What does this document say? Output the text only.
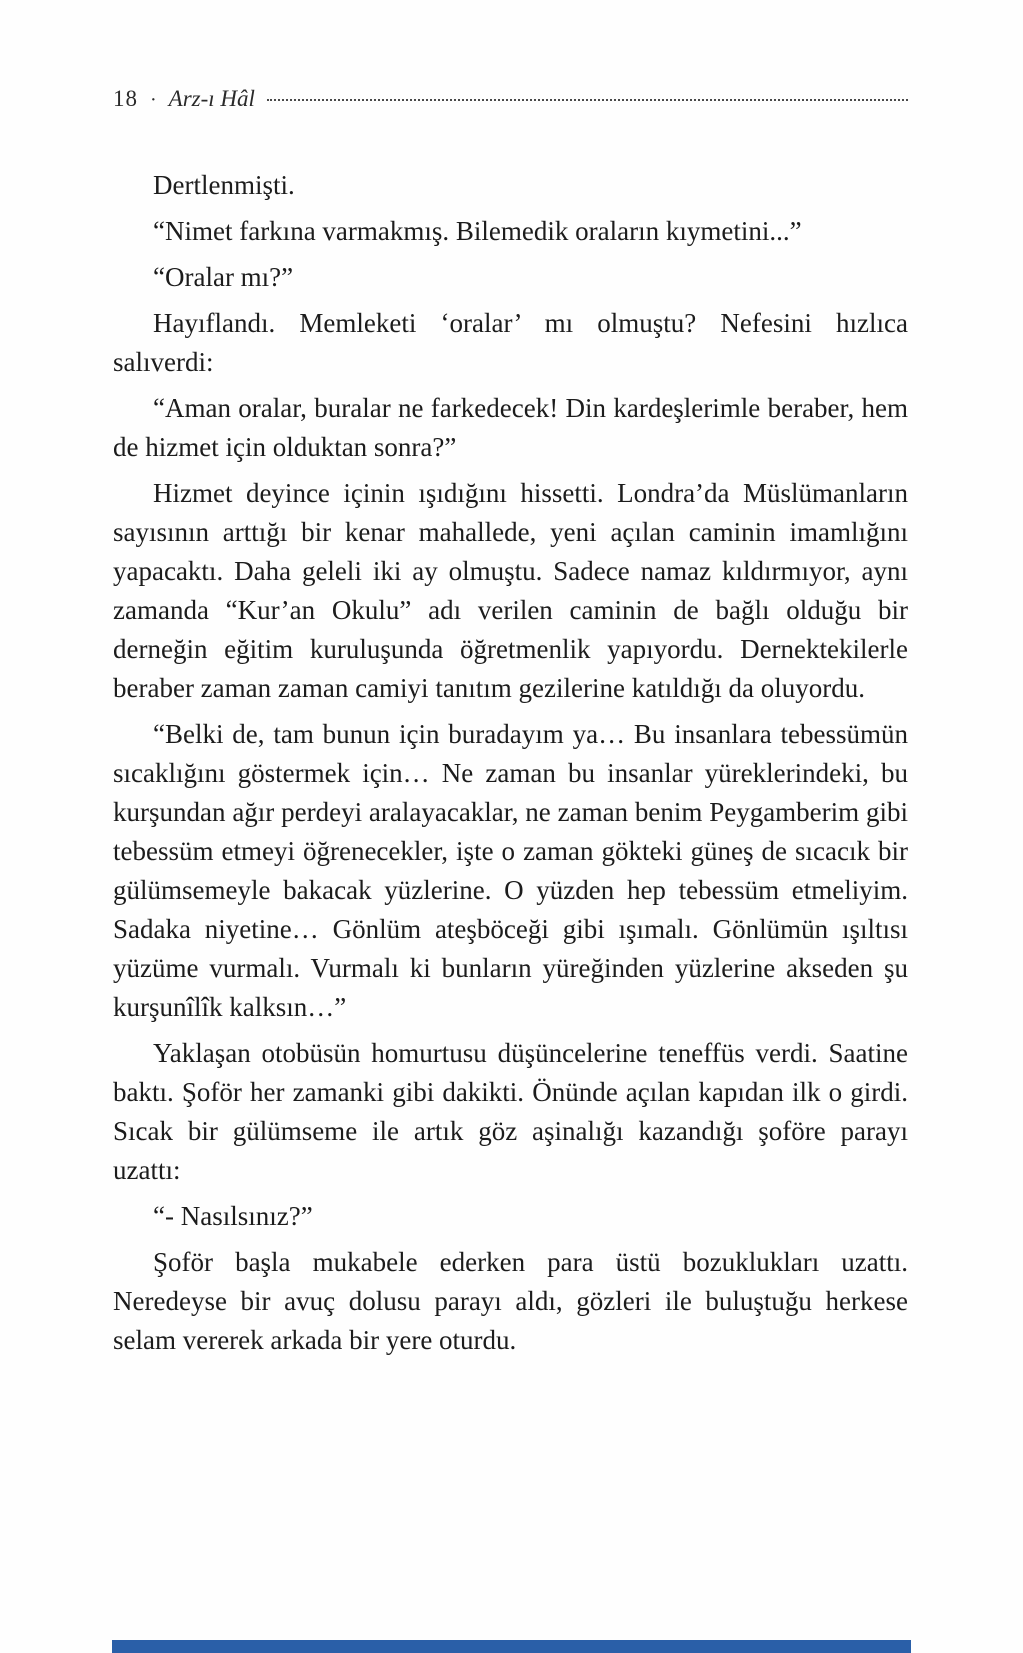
18 · Arz-ı Hâl

Dertlenmişti.

“Nimet farkına varmakmış. Bilemedik oraların kıymetini...”

“Oralar mı?”

Hayıflandı. Memleketi ‘oralar’ mı olmuştu? Nefesini hızlıca salıverdi:

“Aman oralar, buralar ne farkedecek! Din kardeşlerimle beraber, hem de hizmet için olduktan sonra?”

Hizmet deyince içinin ışıdığını hissetti. Londra’da Müslümanların sayısının arttığı bir kenar mahallede, yeni açılan caminin imamlığını yapacaktı. Daha geleli iki ay olmuştu. Sadece namaz kıldırmıyor, aynı zamanda “Kur’an Okulu” adı verilen caminin de bağlı olduğu bir derneğin eğitim kuruluşunda öğretmenlik yapıyordu. Dernektekilerle beraber zaman zaman camiyi tanıtım gezilerine katıldığı da oluyordu.

“Belki de, tam bunun için buradayım ya… Bu insanlara tebessümün sıcaklığını göstermek için… Ne zaman bu insanlar yüreklerindeki, bu kurşundan ağır perdeyi aralayacaklar, ne zaman benim Peygamberim gibi tebessüm etmeyi öğrenecekler, işte o zaman gökteki güneş de sıcacık bir gülümsemeyle bakacak yüzlerine. O yüzden hep tebessüm etmeliyim. Sadaka niyetine… Gönlüm ateşböceği gibi ışımalı. Gönlümün ışıltısı yüzüme vurmalı. Vurmalı ki bunların yüreğinden yüzlerine akseden şu kurşunîlîk kalksın…”

Yaklaşan otobüsün homurtusu düşüncelerine teneffüs verdi. Saatine baktı. Şoför her zamanki gibi dakikti. Önünde açılan kapıdan ilk o girdi. Sıcak bir gülümseme ile artık göz aşinalığı kazandığı şoföre parayı uzattı:

“- Nasılsınız?”

Şoför başla mukabele ederken para üstü bozuklukları uzattı. Neredeyse bir avuç dolusu parayı aldı, gözleri ile buluştuğu herkese selam vererek arkada bir yere oturdu.
